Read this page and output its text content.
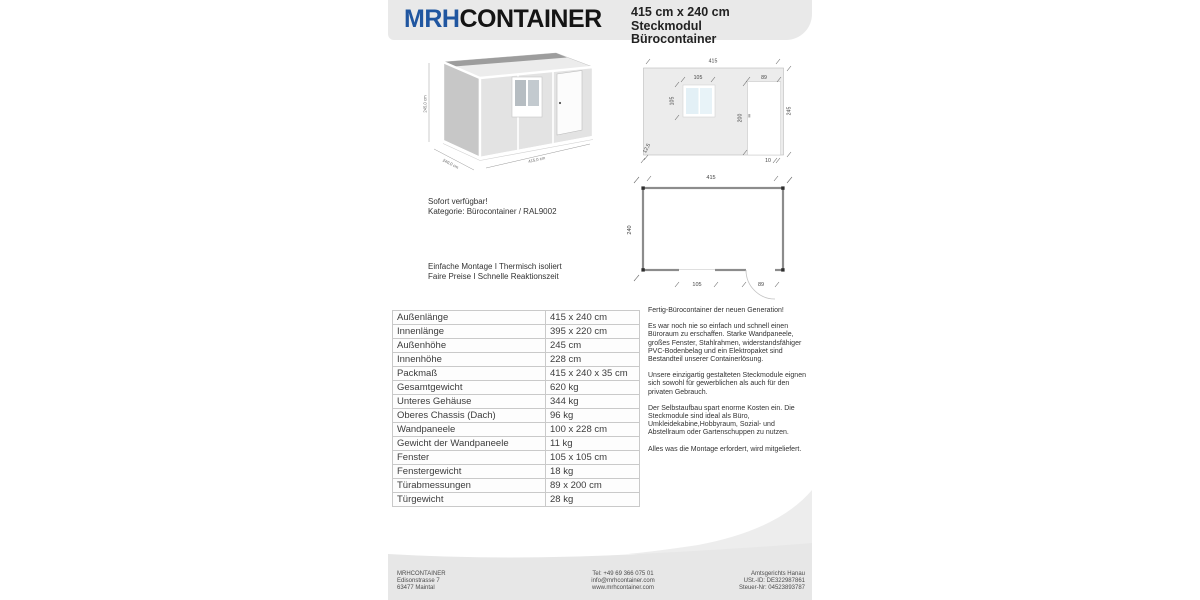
MRHCONTAINER 415 cm x 240 cm Steckmodul
Bürocontainer
245,0 cm
240,0 cm	415,0 cm
415
105	89
105
200
245
12,5
10
Sofort verfügbar!
Kategorie: Bürocontainer / RAL9002
415
240
105	89
Einfache Montage I Thermisch isoliert
Faire Preise I Schnelle Reaktionszeit
Außenlänge	415 x 240 cm
Innenlänge	395 x 220 cm
Außenhöhe	245 cm
Innenhöhe	228 cm
Packmaß	415 x 240 x 35 cm
Gesamtgewicht	620 kg
Unteres Gehäuse	344 kg
Oberes Chassis (Dach)	96 kg
Wandpaneele	100 x 228 cm
Gewicht der Wandpaneele	11 kg
Fenster	105 x 105 cm
Fenstergewicht	18 kg
Türabmessungen	89 x 200 cm
Türgewicht	28 kg

Fertig-Bürocontainer der neuen Generation!

Es war noch nie so einfach und schnell einen Büroraum zu erschaffen. Starke Wandpaneele, großes Fenster, Stahlrahmen, widerstandsfähiger PVC-Bodenbelag und ein Elektropaket sind Bestandteil unserer Containerlösung.

Unsere einzigartig gestalteten Steckmodule eignen sich sowohl für gewerblichen als auch für den privaten Gebrauch.

Der Selbstaufbau spart enorme Kosten ein. Die Steckmodule sind ideal als Büro, Umkleidekabine,Hobbyraum, Sozial- und Abstellraum oder Gartenschuppen zu nutzen.

Alles was die Montage erfordert, wird mitgeliefert.

MRHCONTAINER
Edisonstrasse 7
63477 Maintal
Tel: +49 69 366 075 01
info@mrhcontainer.com
www.mrhcontainer.com
Amtsgerichts Hanau
USt.-ID: DE322987861
Steuer-Nr: 04523893787
